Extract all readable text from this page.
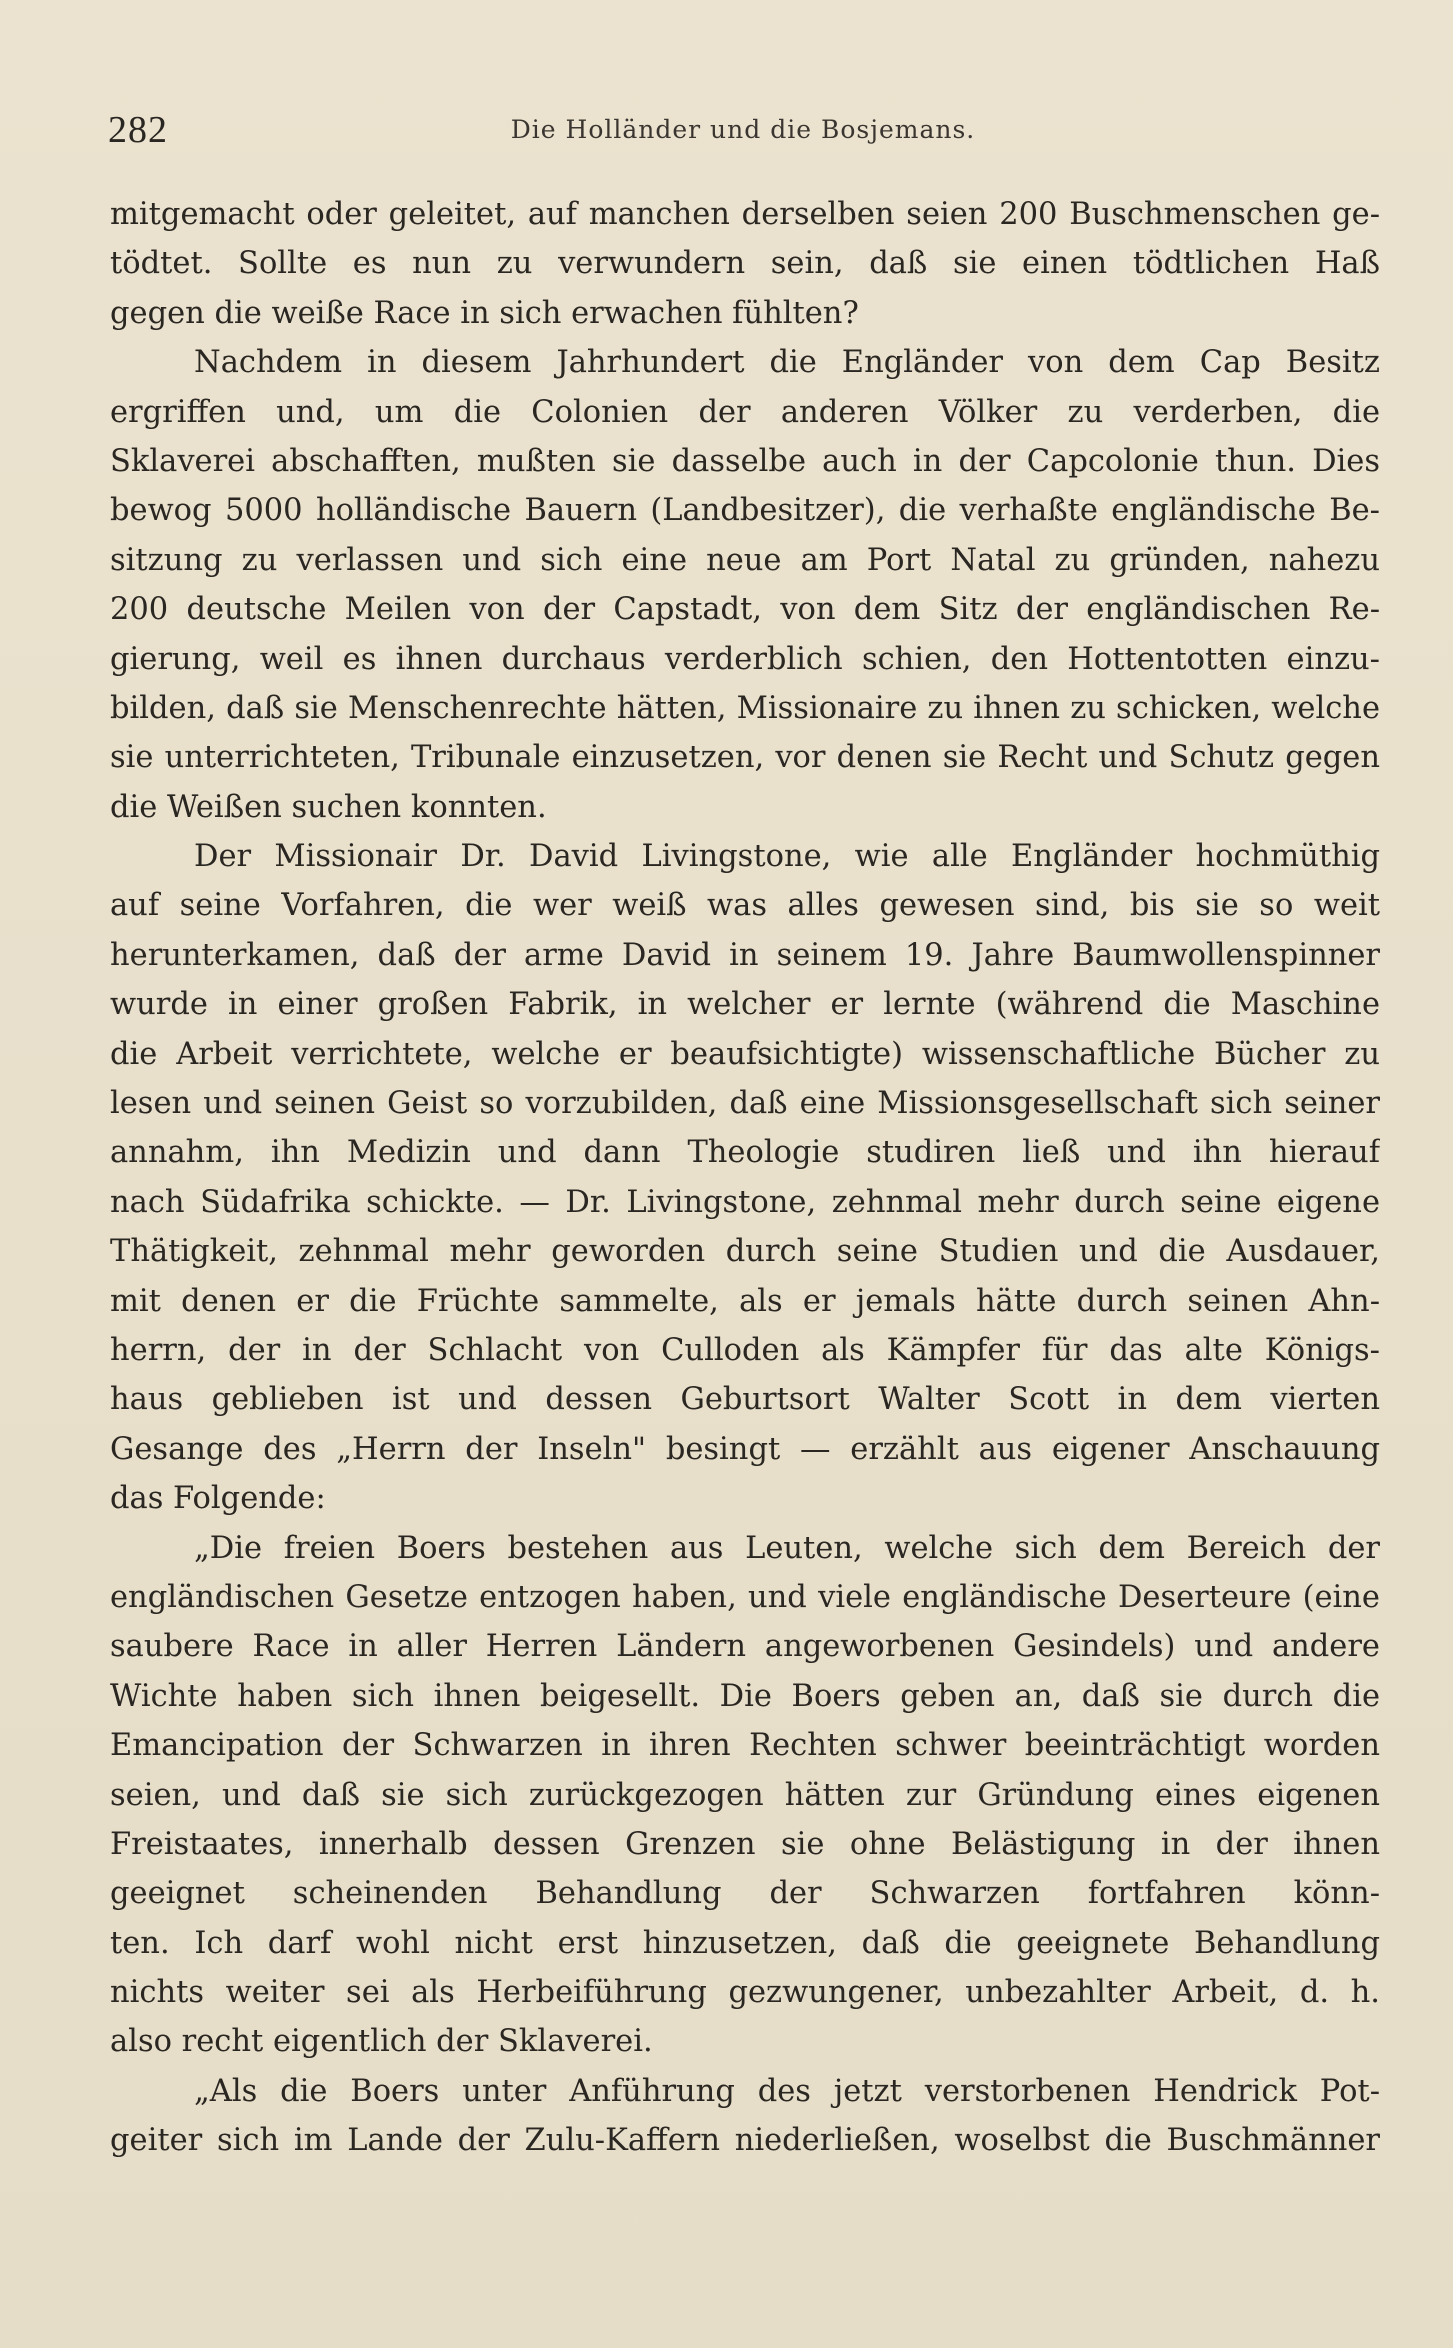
282	Die Holländer und die Bosjemans.
mitgemacht oder geleitet, auf manchen derselben seien 200 Buschmenschen ge-
tödtet. Sollte es nun zu verwundern sein, daß sie einen tödtlichen Haß
gegen die weiße Race in sich erwachen fühlten?
Nachdem in diesem Jahrhundert die Engländer von dem Cap Besitz
ergriffen und, um die Colonien der anderen Völker zu verderben, die
Sklaverei abschafften, mußten sie dasselbe auch in der Capcolonie thun. Dies
bewog 5000 holländische Bauern (Landbesitzer), die verhaßte engländische Be-
sitzung zu verlassen und sich eine neue am Port Natal zu gründen, nahezu
200 deutsche Meilen von der Capstadt, von dem Sitz der engländischen Re-
gierung, weil es ihnen durchaus verderblich schien, den Hottentotten einzu-
bilden, daß sie Menschenrechte hätten, Missionaire zu ihnen zu schicken, welche
sie unterrichteten, Tribunale einzusetzen, vor denen sie Recht und Schutz gegen
die Weißen suchen konnten.
Der Missionair Dr. David Livingstone, wie alle Engländer hochmüthig
auf seine Vorfahren, die wer weiß was alles gewesen sind, bis sie so weit
herunterkamen, daß der arme David in seinem 19. Jahre Baumwollenspinner
wurde in einer großen Fabrik, in welcher er lernte (während die Maschine
die Arbeit verrichtete, welche er beaufsichtigte) wissenschaftliche Bücher zu
lesen und seinen Geist so vorzubilden, daß eine Missionsgesellschaft sich seiner
annahm, ihn Medizin und dann Theologie studiren ließ und ihn hierauf
nach Südafrika schickte. — Dr. Livingstone, zehnmal mehr durch seine eigene
Thätigkeit, zehnmal mehr geworden durch seine Studien und die Ausdauer,
mit denen er die Früchte sammelte, als er jemals hätte durch seinen Ahn-
herrn, der in der Schlacht von Culloden als Kämpfer für das alte Königs-
haus geblieben ist und dessen Geburtsort Walter Scott in dem vierten
Gesange des „Herrn der Inseln" besingt — erzählt aus eigener Anschauung
das Folgende:
„Die freien Boers bestehen aus Leuten, welche sich dem Bereich der
engländischen Gesetze entzogen haben, und viele engländische Deserteure (eine
saubere Race in aller Herren Ländern angeworbenen Gesindels) und andere
Wichte haben sich ihnen beigesellt. Die Boers geben an, daß sie durch die
Emancipation der Schwarzen in ihren Rechten schwer beeinträchtigt worden
seien, und daß sie sich zurückgezogen hätten zur Gründung eines eigenen
Freistaates, innerhalb dessen Grenzen sie ohne Belästigung in der ihnen
geeignet scheinenden Behandlung der Schwarzen fortfahren könn-
ten. Ich darf wohl nicht erst hinzusetzen, daß die geeignete Behandlung
nichts weiter sei als Herbeiführung gezwungener, unbezahlter Arbeit, d. h.
also recht eigentlich der Sklaverei.
„Als die Boers unter Anführung des jetzt verstorbenen Hendrick Pot-
geiter sich im Lande der Zulu-Kaffern niederließen, woselbst die Buschmänner
